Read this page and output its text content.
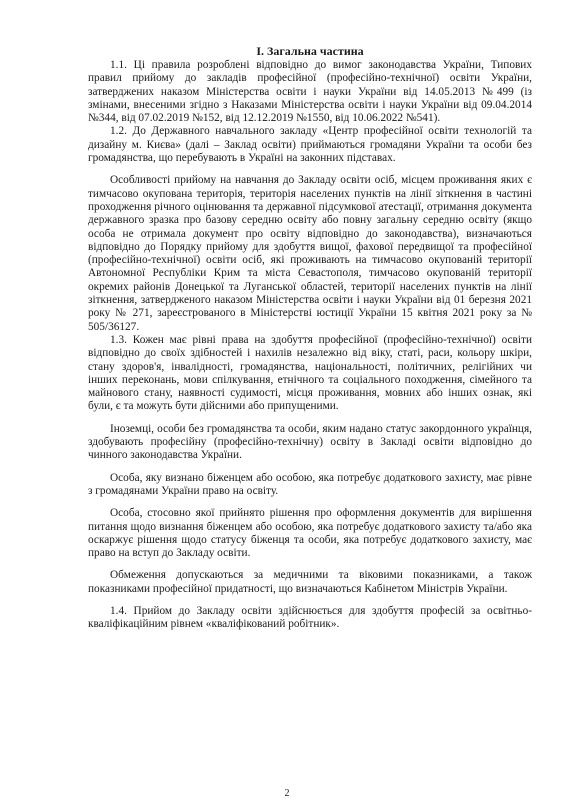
І. Загальна частина

1.1. Ці правила розроблені відповідно до вимог законодавства України, Типових правил прийому до закладів професійної (професійно-технічної) освіти України, затверджених наказом Міністерства освіти і науки України від 14.05.2013 №499 (із змінами, внесеними згідно з Наказами Міністерства освіти і науки України від 09.04.2014 №344, від 07.02.2019 №152, від 12.12.2019 №1550, від 10.06.2022 №541).

1.2. До Державного навчального закладу «Центр професійної освіти технологій та дизайну м. Києва» (далі – Заклад освіти) приймаються громадяни України та особи без громадянства, що перебувають в Україні на законних підставах.

Особливості прийому на навчання до Закладу освіти осіб, місцем проживання яких є тимчасово окупована територія, територія населених пунктів на лінії зіткнення в частині проходження річного оцінювання та державної підсумкової атестації, отримання документа державного зразка про базову середню освіту або повну загальну середню освіту (якщо особа не отримала документ про освіту відповідно до законодавства), визначаються відповідно до Порядку прийому для здобуття вищої, фахової передвищої та професійної (професійно-технічної) освіти осіб, які проживають на тимчасово окупованій території Автономної Республіки Крим та міста Севастополя, тимчасово окупованій території окремих районів Донецької та Луганської областей, території населених пунктів на лінії зіткнення, затвердженого наказом Міністерства освіти і науки України від 01 березня 2021 року № 271, зареєстрованого в Міністерстві юстиції України 15 квітня 2021 року за № 505/36127.

1.3. Кожен має рівні права на здобуття професійної (професійно-технічної) освіти відповідно до своїх здібностей і нахилів незалежно від віку, статі, раси, кольору шкіри, стану здоров'я, інвалідності, громадянства, національності, політичних, релігійних чи інших переконань, мови спілкування, етнічного та соціального походження, сімейного та майнового стану, наявності судимості, місця проживання, мовних або інших ознак, які були, є та можуть бути дійсними або припущеними.

Іноземці, особи без громадянства та особи, яким надано статус закордонного українця, здобувають професійну (професійно-технічну) освіту в Закладі освіти відповідно до чинного законодавства України.

Особа, яку визнано біженцем або особою, яка потребує додаткового захисту, має рівне з громадянами України право на освіту.

Особа, стосовно якої прийнято рішення про оформлення документів для вирішення питання щодо визнання біженцем або особою, яка потребує додаткового захисту та/або яка оскаржує рішення щодо статусу біженця та особи, яка потребує додаткового захисту, має право на вступ до Закладу освіти.

Обмеження допускаються за медичними та віковими показниками, а також показниками професійної придатності, що визначаються Кабінетом Міністрів України.

1.4. Прийом до Закладу освіти здійснюється для здобуття професій за освітньо-кваліфікаційним рівнем «кваліфікований робітник».

2
